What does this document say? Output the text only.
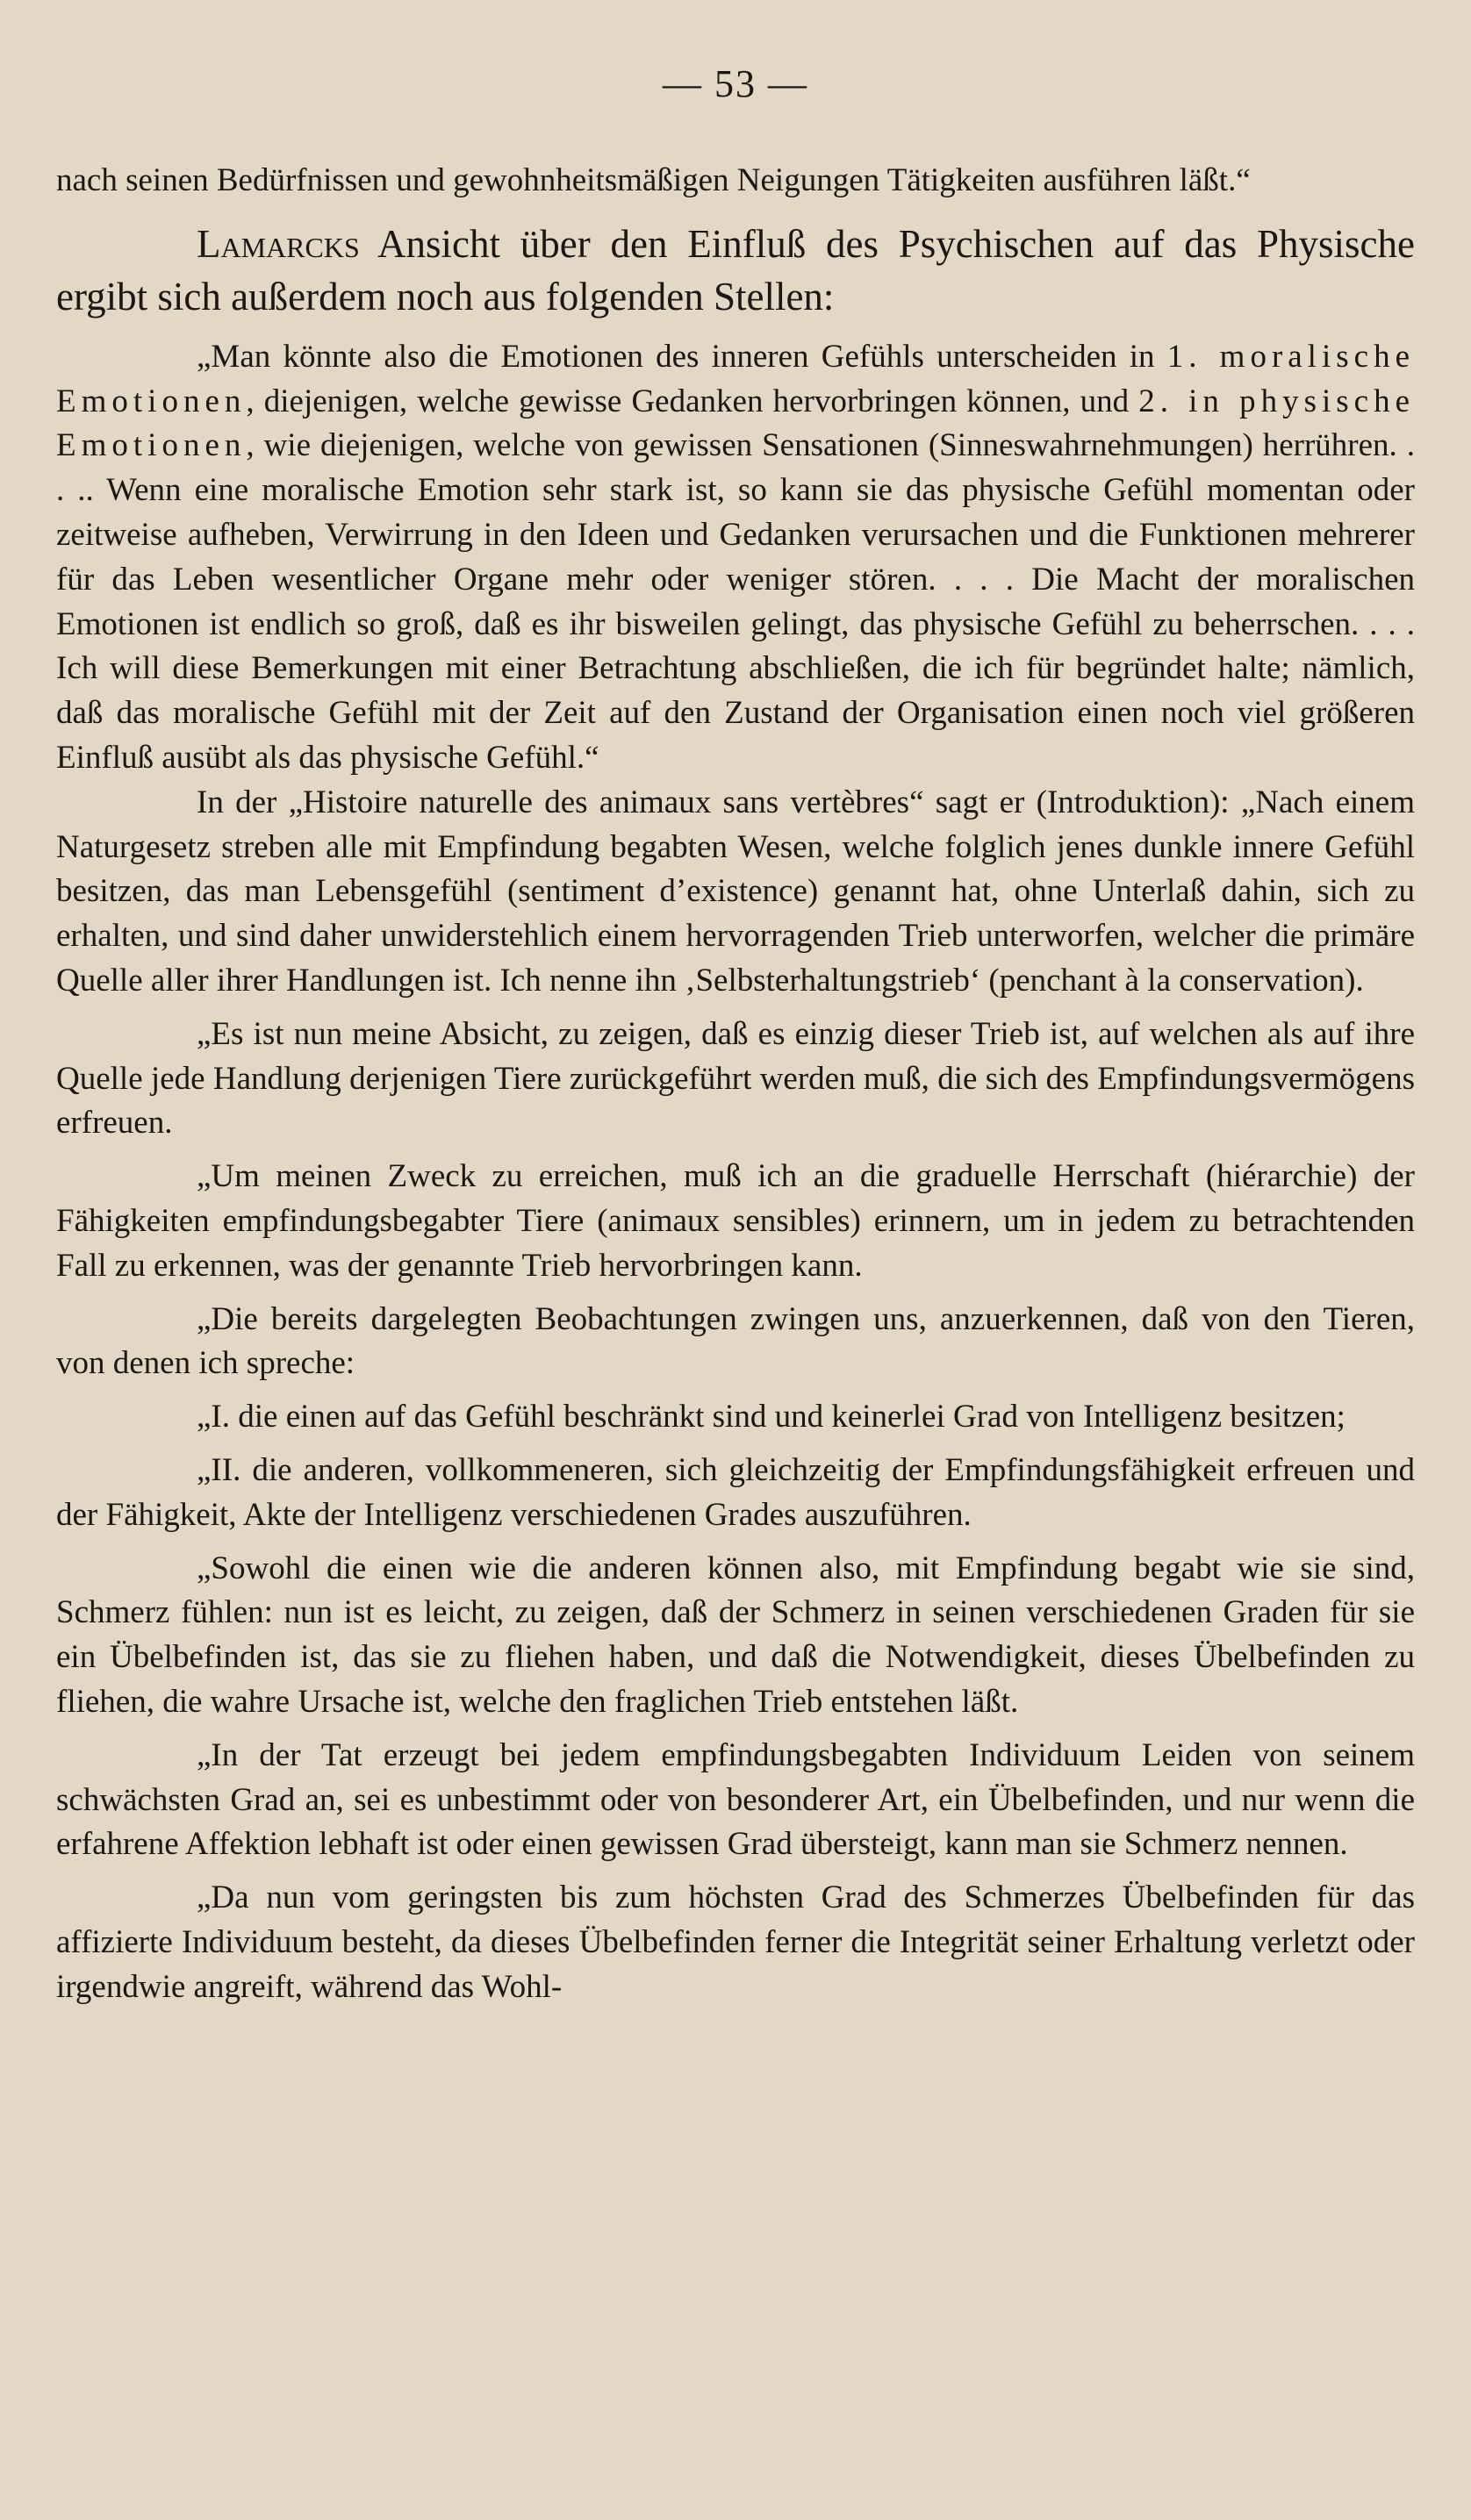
— 53 —

nach seinen Bedürfnissen und gewohnheitsmäßigen Neigungen Tätigkeiten ausführen läßt.“

Lamarcks Ansicht über den Einfluß des Psychischen auf das Physische ergibt sich außerdem noch aus folgenden Stellen:

„Man könnte also die Emotionen des inneren Gefühls unterscheiden in 1. moralische Emotionen, diejenigen, welche gewisse Gedanken hervorbringen können, und 2. in physische Emotionen, wie diejenigen, welche von gewissen Sensationen (Sinneswahrnehmungen) herrühren. . . .. Wenn eine moralische Emotion sehr stark ist, so kann sie das physische Gefühl momentan oder zeitweise aufheben, Verwirrung in den Ideen und Gedanken verursachen und die Funktionen mehrerer für das Leben wesentlicher Organe mehr oder weniger stören. . . . Die Macht der moralischen Emotionen ist endlich so groß, daß es ihr bisweilen gelingt, das physische Gefühl zu beherrschen. . . . Ich will diese Bemerkungen mit einer Betrachtung abschließen, die ich für begründet halte; nämlich, daß das moralische Gefühl mit der Zeit auf den Zustand der Organisation einen noch viel größeren Einfluß ausübt als das physische Gefühl.“

In der „Histoire naturelle des animaux sans vertèbres“ sagt er (Introduktion): „Nach einem Naturgesetz streben alle mit Empfindung begabten Wesen, welche folglich jenes dunkle innere Gefühl besitzen, das man Lebensgefühl (sentiment d’existence) genannt hat, ohne Unterlaß dahin, sich zu erhalten, und sind daher unwiderstehlich einem hervorragenden Trieb unterworfen, welcher die primäre Quelle aller ihrer Handlungen ist. Ich nenne ihn ‚Selbsterhaltungstrieb‘ (penchant à la conservation).

„Es ist nun meine Absicht, zu zeigen, daß es einzig dieser Trieb ist, auf welchen als auf ihre Quelle jede Handlung derjenigen Tiere zurückgeführt werden muß, die sich des Empfindungsvermögens erfreuen.

„Um meinen Zweck zu erreichen, muß ich an die graduelle Herrschaft (hiérarchie) der Fähigkeiten empfindungsbegabter Tiere (animaux sensibles) erinnern, um in jedem zu betrachtenden Fall zu erkennen, was der genannte Trieb hervorbringen kann.

„Die bereits dargelegten Beobachtungen zwingen uns, anzuerkennen, daß von den Tieren, von denen ich spreche:

„I. die einen auf das Gefühl beschränkt sind und keinerlei Grad von Intelligenz besitzen;

„II. die anderen, vollkommeneren, sich gleichzeitig der Empfindungsfähigkeit erfreuen und der Fähigkeit, Akte der Intelligenz verschiedenen Grades auszuführen.

„Sowohl die einen wie die anderen können also, mit Empfindung begabt wie sie sind, Schmerz fühlen: nun ist es leicht, zu zeigen, daß der Schmerz in seinen verschiedenen Graden für sie ein Übelbefinden ist, das sie zu fliehen haben, und daß die Notwendigkeit, dieses Übelbefinden zu fliehen, die wahre Ursache ist, welche den fraglichen Trieb entstehen läßt.

„In der Tat erzeugt bei jedem empfindungsbegabten Individuum Leiden von seinem schwächsten Grad an, sei es unbestimmt oder von besonderer Art, ein Übelbefinden, und nur wenn die erfahrene Affektion lebhaft ist oder einen gewissen Grad übersteigt, kann man sie Schmerz nennen.

„Da nun vom geringsten bis zum höchsten Grad des Schmerzes Übelbefinden für das affizierte Individuum besteht, da dieses Übelbefinden ferner die Integrität seiner Erhaltung verletzt oder irgendwie angreift, während das Wohl-
